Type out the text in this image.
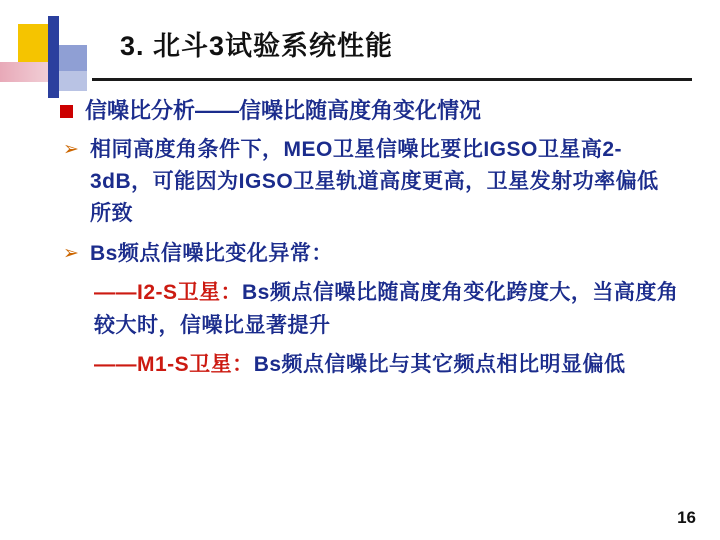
3. 北斗3试验系统性能
信噪比分析——信噪比随高度角变化情况
➢ 相同高度角条件下，MEO卫星信噪比要比IGSO卫星高2-3dB，可能因为IGSO卫星轨道高度更高，卫星发射功率偏低所致
➢ Bs频点信噪比变化异常：
——I2-S卫星：Bs频点信噪比随高度角变化跨度大，当高度角较大时，信噪比显著提升
——M1-S卫星：Bs频点信噪比与其它频点相比明显偏低
16
